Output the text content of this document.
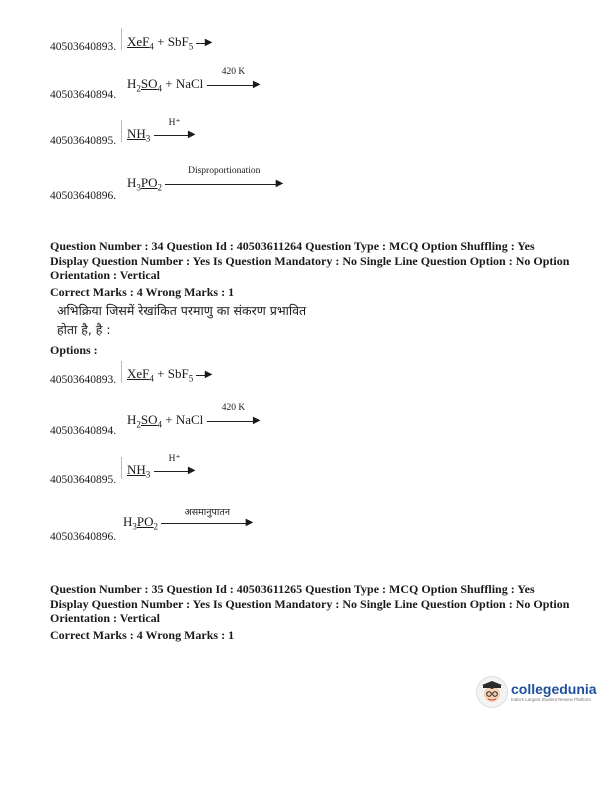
XeF$_4$ + SbF$_5$ ▶
40503640893.
$H_2SO_4$ + NaCl
420 K
▶
40503640894.
$NH_3$
H⁺
▶
40503640895.
$H_3PO_2$
Disproportionation
▶
40503640896.
Question Number : 34 Question Id : 40503611264 Question Type : MCQ Option Shuffling : Yes
Display Question Number : Yes Is Question Mandatory : No Single Line Question Option : No Option
Orientation : Vertical
Correct Marks : 4 Wrong Marks : 1
अभिक्रिया जिसमें रेखांकित परमाणु का संकरण प्रभावित
होता है, है :
Options :
XeF$_4$ + SbF$_5$ ▶
40503640893.
$H_2SO_4$ + NaCl
420 K
▶
40503640894.
$NH_3$
H⁺
▶
40503640895.
$H_3PO_2$
असमानुपातन
▶
40503640896.
Question Number : 35 Question Id : 40503611265 Question Type : MCQ Option Shuffling : Yes
Display Question Number : Yes Is Question Mandatory : No Single Line Question Option : No Option
Orientation : Vertical
Correct Marks : 4 Wrong Marks : 1
collegedunia
India's Largest Student Review Platform
